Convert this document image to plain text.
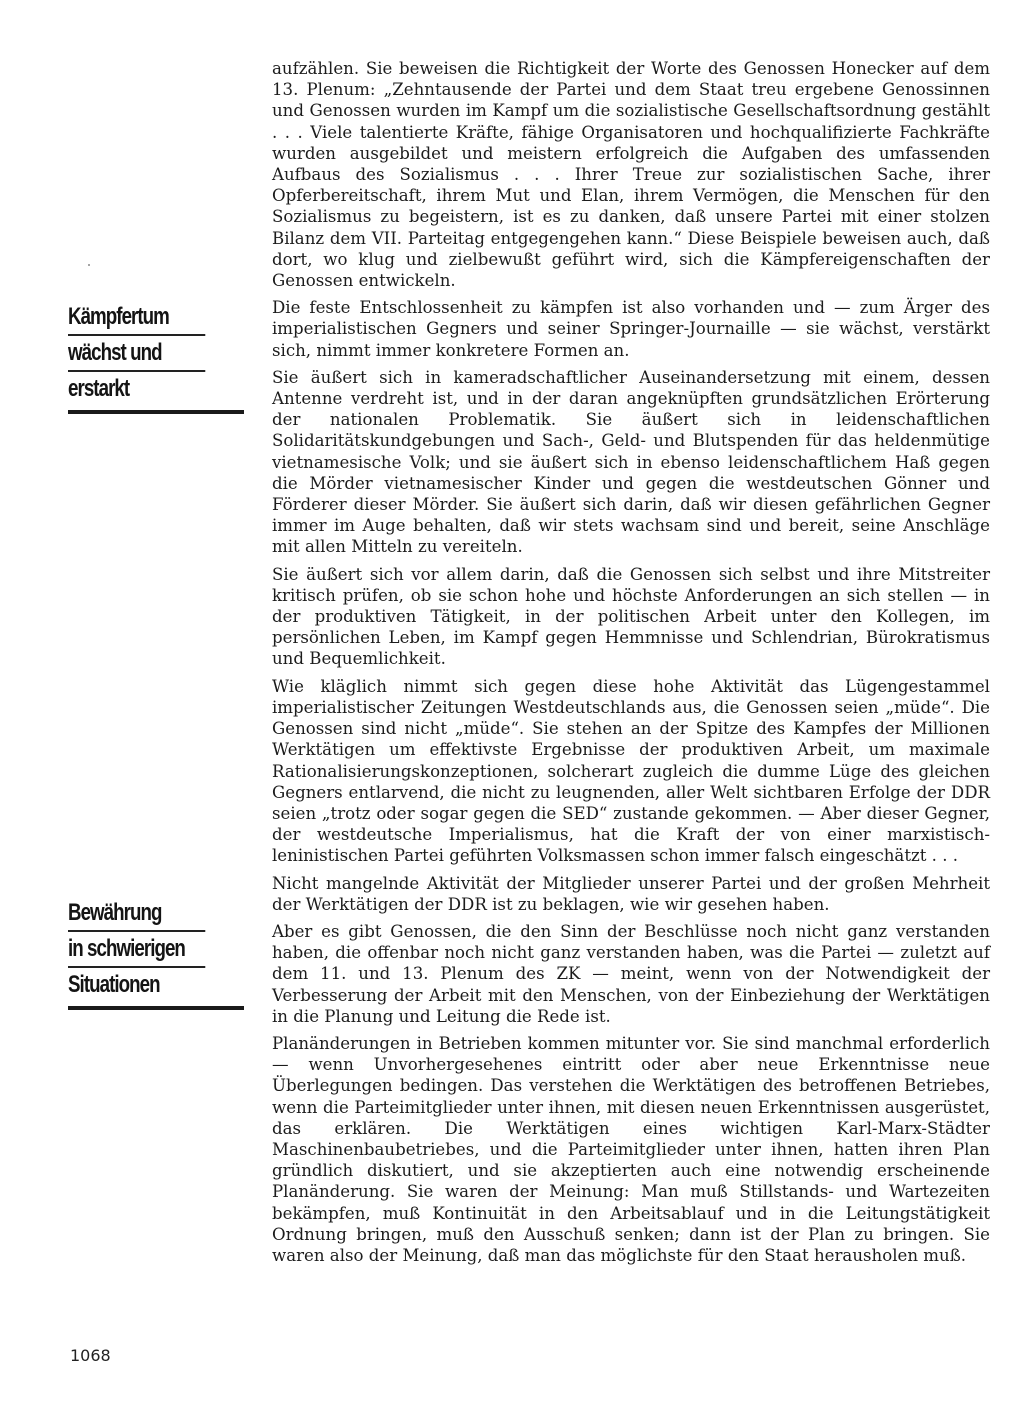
Kämpfertum
wächst und
erstarkt
Bewährung
in schwierigen
Situationen

aufzählen. Sie beweisen die Richtigkeit der Worte des Genossen Honecker auf dem 13. Plenum: „Zehntausende der Partei und dem Staat treu ergebene Genossinnen und Genossen wurden im Kampf um die sozialistische Gesellschaftsordnung gestählt . . . Viele talentierte Kräfte, fähige Organisatoren und hochqualifizierte Fachkräfte wurden ausgebildet und meistern erfolgreich die Aufgaben des umfassenden Aufbaus des Sozialismus . . . Ihrer Treue zur sozialistischen Sache, ihrer Opferbereitschaft, ihrem Mut und Elan, ihrem Vermögen, die Menschen für den Sozialismus zu begeistern, ist es zu danken, daß unsere Partei mit einer stolzen Bilanz dem VII. Parteitag entgegengehen kann.“ Diese Beispiele beweisen auch, daß dort, wo klug und zielbewußt geführt wird, sich die Kämpfereigenschaften der Genossen entwickeln.

Die feste Entschlossenheit zu kämpfen ist also vorhanden und — zum Ärger des imperialistischen Gegners und seiner Springer-Journaille — sie wächst, verstärkt sich, nimmt immer konkretere Formen an.

Sie äußert sich in kameradschaftlicher Auseinandersetzung mit einem, dessen Antenne verdreht ist, und in der daran angeknüpften grundsätzlichen Erörterung der nationalen Problematik. Sie äußert sich in leidenschaftlichen Solidaritätskundgebungen und Sach-, Geld- und Blutspenden für das heldenmütige vietnamesische Volk; und sie äußert sich in ebenso leidenschaftlichem Haß gegen die Mörder vietnamesischer Kinder und gegen die westdeutschen Gönner und Förderer dieser Mörder. Sie äußert sich darin, daß wir diesen gefährlichen Gegner immer im Auge behalten, daß wir stets wachsam sind und bereit, seine Anschläge mit allen Mitteln zu vereiteln.

Sie äußert sich vor allem darin, daß die Genossen sich selbst und ihre Mitstreiter kritisch prüfen, ob sie schon hohe und höchste Anforderungen an sich stellen — in der produktiven Tätigkeit, in der politischen Arbeit unter den Kollegen, im persönlichen Leben, im Kampf gegen Hemmnisse und Schlendrian, Bürokratismus und Bequemlichkeit.

Wie kläglich nimmt sich gegen diese hohe Aktivität das Lügengestammel imperialistischer Zeitungen Westdeutschlands aus, die Genossen seien „müde“. Die Genossen sind nicht „müde“. Sie stehen an der Spitze des Kampfes der Millionen Werktätigen um effektivste Ergebnisse der produktiven Arbeit, um maximale Rationalisierungskonzeptionen, solcherart zugleich die dumme Lüge des gleichen Gegners entlarvend, die nicht zu leugnenden, aller Welt sichtbaren Erfolge der DDR seien „trotz oder sogar gegen die SED“ zustande gekommen. — Aber dieser Gegner, der westdeutsche Imperialismus, hat die Kraft der von einer marxistisch-leninistischen Partei geführten Volksmassen schon immer falsch eingeschätzt . . .

Nicht mangelnde Aktivität der Mitglieder unserer Partei und der großen Mehrheit der Werktätigen der DDR ist zu beklagen, wie wir gesehen haben.

Aber es gibt Genossen, die den Sinn der Beschlüsse noch nicht ganz verstanden haben, die offenbar noch nicht ganz verstanden haben, was die Partei — zuletzt auf dem 11. und 13. Plenum des ZK — meint, wenn von der Notwendigkeit der Verbesserung der Arbeit mit den Menschen, von der Einbeziehung der Werktätigen in die Planung und Leitung die Rede ist.

Planänderungen in Betrieben kommen mitunter vor. Sie sind manchmal erforderlich — wenn Unvorhergesehenes eintritt oder aber neue Erkenntnisse neue Überlegungen bedingen. Das verstehen die Werktätigen des betroffenen Betriebes, wenn die Parteimitglieder unter ihnen, mit diesen neuen Erkenntnissen ausgerüstet, das erklären. Die Werktätigen eines wichtigen Karl-Marx-Städter Maschinenbaubetriebes, und die Parteimitglieder unter ihnen, hatten ihren Plan gründlich diskutiert, und sie akzeptierten auch eine notwendig erscheinende Planänderung. Sie waren der Meinung: Man muß Stillstands- und Wartezeiten bekämpfen, muß Kontinuität in den Arbeitsablauf und in die Leitungstätigkeit Ordnung bringen, muß den Ausschuß senken; dann ist der Plan zu bringen. Sie waren also der Meinung, daß man das möglichste für den Staat herausholen muß.

1068
